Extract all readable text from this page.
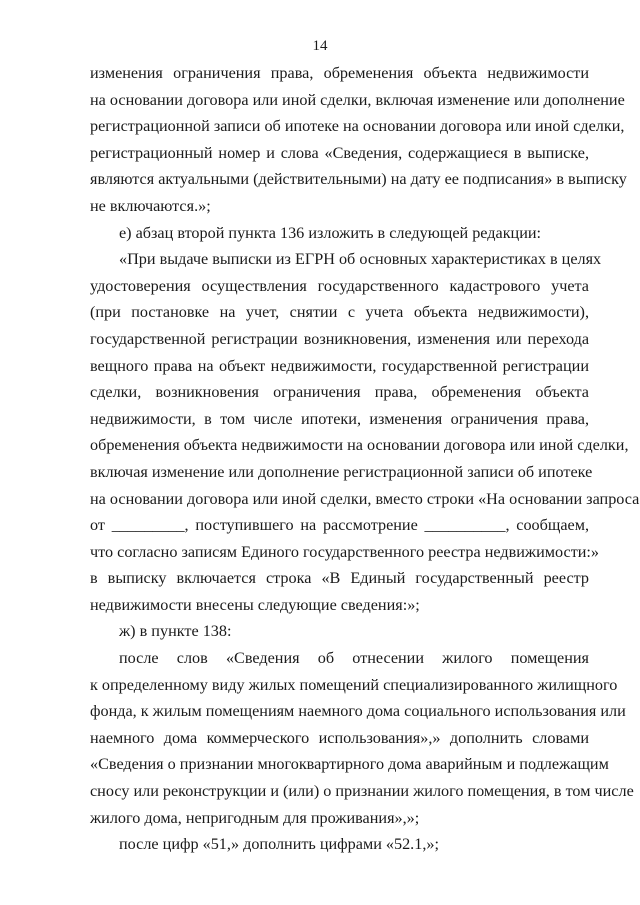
14
изменения ограничения права, обременения объекта недвижимости
на основании договора или иной сделки, включая изменение или дополнение
регистрационной записи об ипотеке на основании договора или иной сделки,
регистрационный номер и слова «Сведения, содержащиеся в выписке,
являются актуальными (действительными) на дату ее подписания» в выписку
не включаются.»;
е) абзац второй пункта 136 изложить в следующей редакции:
«При выдаче выписки из ЕГРН об основных характеристиках в целях
удостоверения осуществления государственного кадастрового учета
(при постановке на учет, снятии с учета объекта недвижимости),
государственной регистрации возникновения, изменения или перехода
вещного права на объект недвижимости, государственной регистрации
сделки, возникновения ограничения права, обременения объекта
недвижимости, в том числе ипотеки, изменения ограничения права,
обременения объекта недвижимости на основании договора или иной сделки,
включая изменение или дополнение регистрационной записи об ипотеке
на основании договора или иной сделки, вместо строки «На основании запроса
от _________, поступившего на рассмотрение __________, сообщаем,
что согласно записям Единого государственного реестра недвижимости:»
в выписку включается строка «В Единый государственный реестр
недвижимости внесены следующие сведения:»;
ж) в пункте 138:
после слов «Сведения об отнесении жилого помещения
к определенному виду жилых помещений специализированного жилищного
фонда, к жилым помещениям наемного дома социального использования или
наемного дома коммерческого использования»,» дополнить словами
«Сведения о признании многоквартирного дома аварийным и подлежащим
сносу или реконструкции и (или) о признании жилого помещения, в том числе
жилого дома, непригодным для проживания»,»;
после цифр «51,» дополнить цифрами «52.1,»;
